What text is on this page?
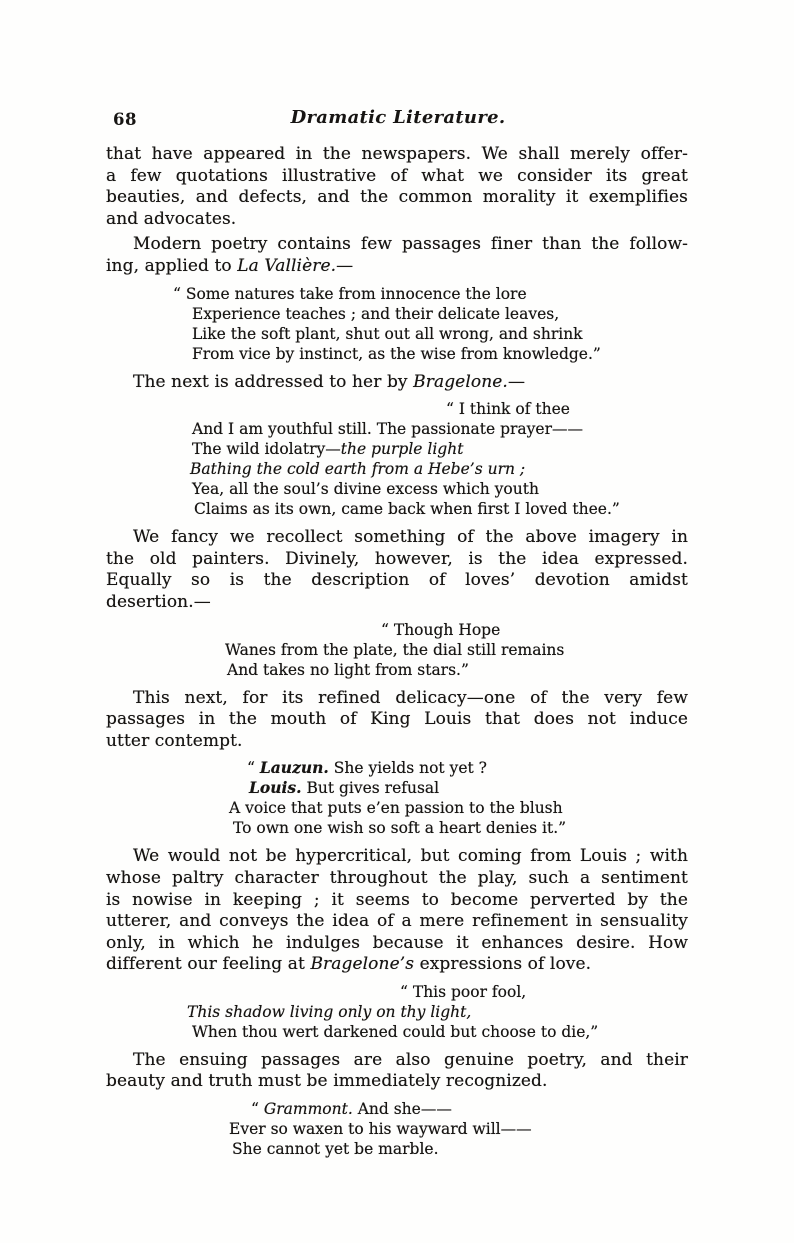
68	Dramatic Literature.
that have appeared in the newspapers. We shall merely offer-
a few quotations illustrative of what we consider its great
beauties, and defects, and the common morality it exemplifies
and advocates.
Modern poetry contains few passages finer than the follow-
ing, applied to La Vallière.—
“ Some natures take from innocence the lore
Experience teaches ; and their delicate leaves,
Like the soft plant, shut out all wrong, and shrink
From vice by instinct, as the wise from knowledge.”
The next is addressed to her by Bragelone.—
“ I think of thee
And I am youthful still. The passionate prayer——
The wild idolatry—the purple light
Bathing the cold earth from a Hebe’s urn ;
Yea, all the soul’s divine excess which youth
Claims as its own, came back when first I loved thee.”
We fancy we recollect something of the above imagery in
the old painters. Divinely, however, is the idea expressed.
Equally so is the description of loves’ devotion amidst
desertion.—
“ Though Hope
Wanes from the plate, the dial still remains
And takes no light from stars.”
This next, for its refined delicacy—one of the very few
passages in the mouth of King Louis that does not induce
utter contempt.
“ Lauzun. She yields not yet ?
Louis. But gives refusal
A voice that puts e’en passion to the blush
To own one wish so soft a heart denies it.”
We would not be hypercritical, but coming from Louis ; with
whose paltry character throughout the play, such a sentiment
is nowise in keeping ; it seems to become perverted by the
utterer, and conveys the idea of a mere refinement in sensuality
only, in which he indulges because it enhances desire. How
different our feeling at Bragelone’s expressions of love.
“ This poor fool,
This shadow living only on thy light,
When thou wert darkened could but choose to die,”
The ensuing passages are also genuine poetry, and their
beauty and truth must be immediately recognized.
“ Grammont. And she——
Ever so waxen to his wayward will——
She cannot yet be marble.
